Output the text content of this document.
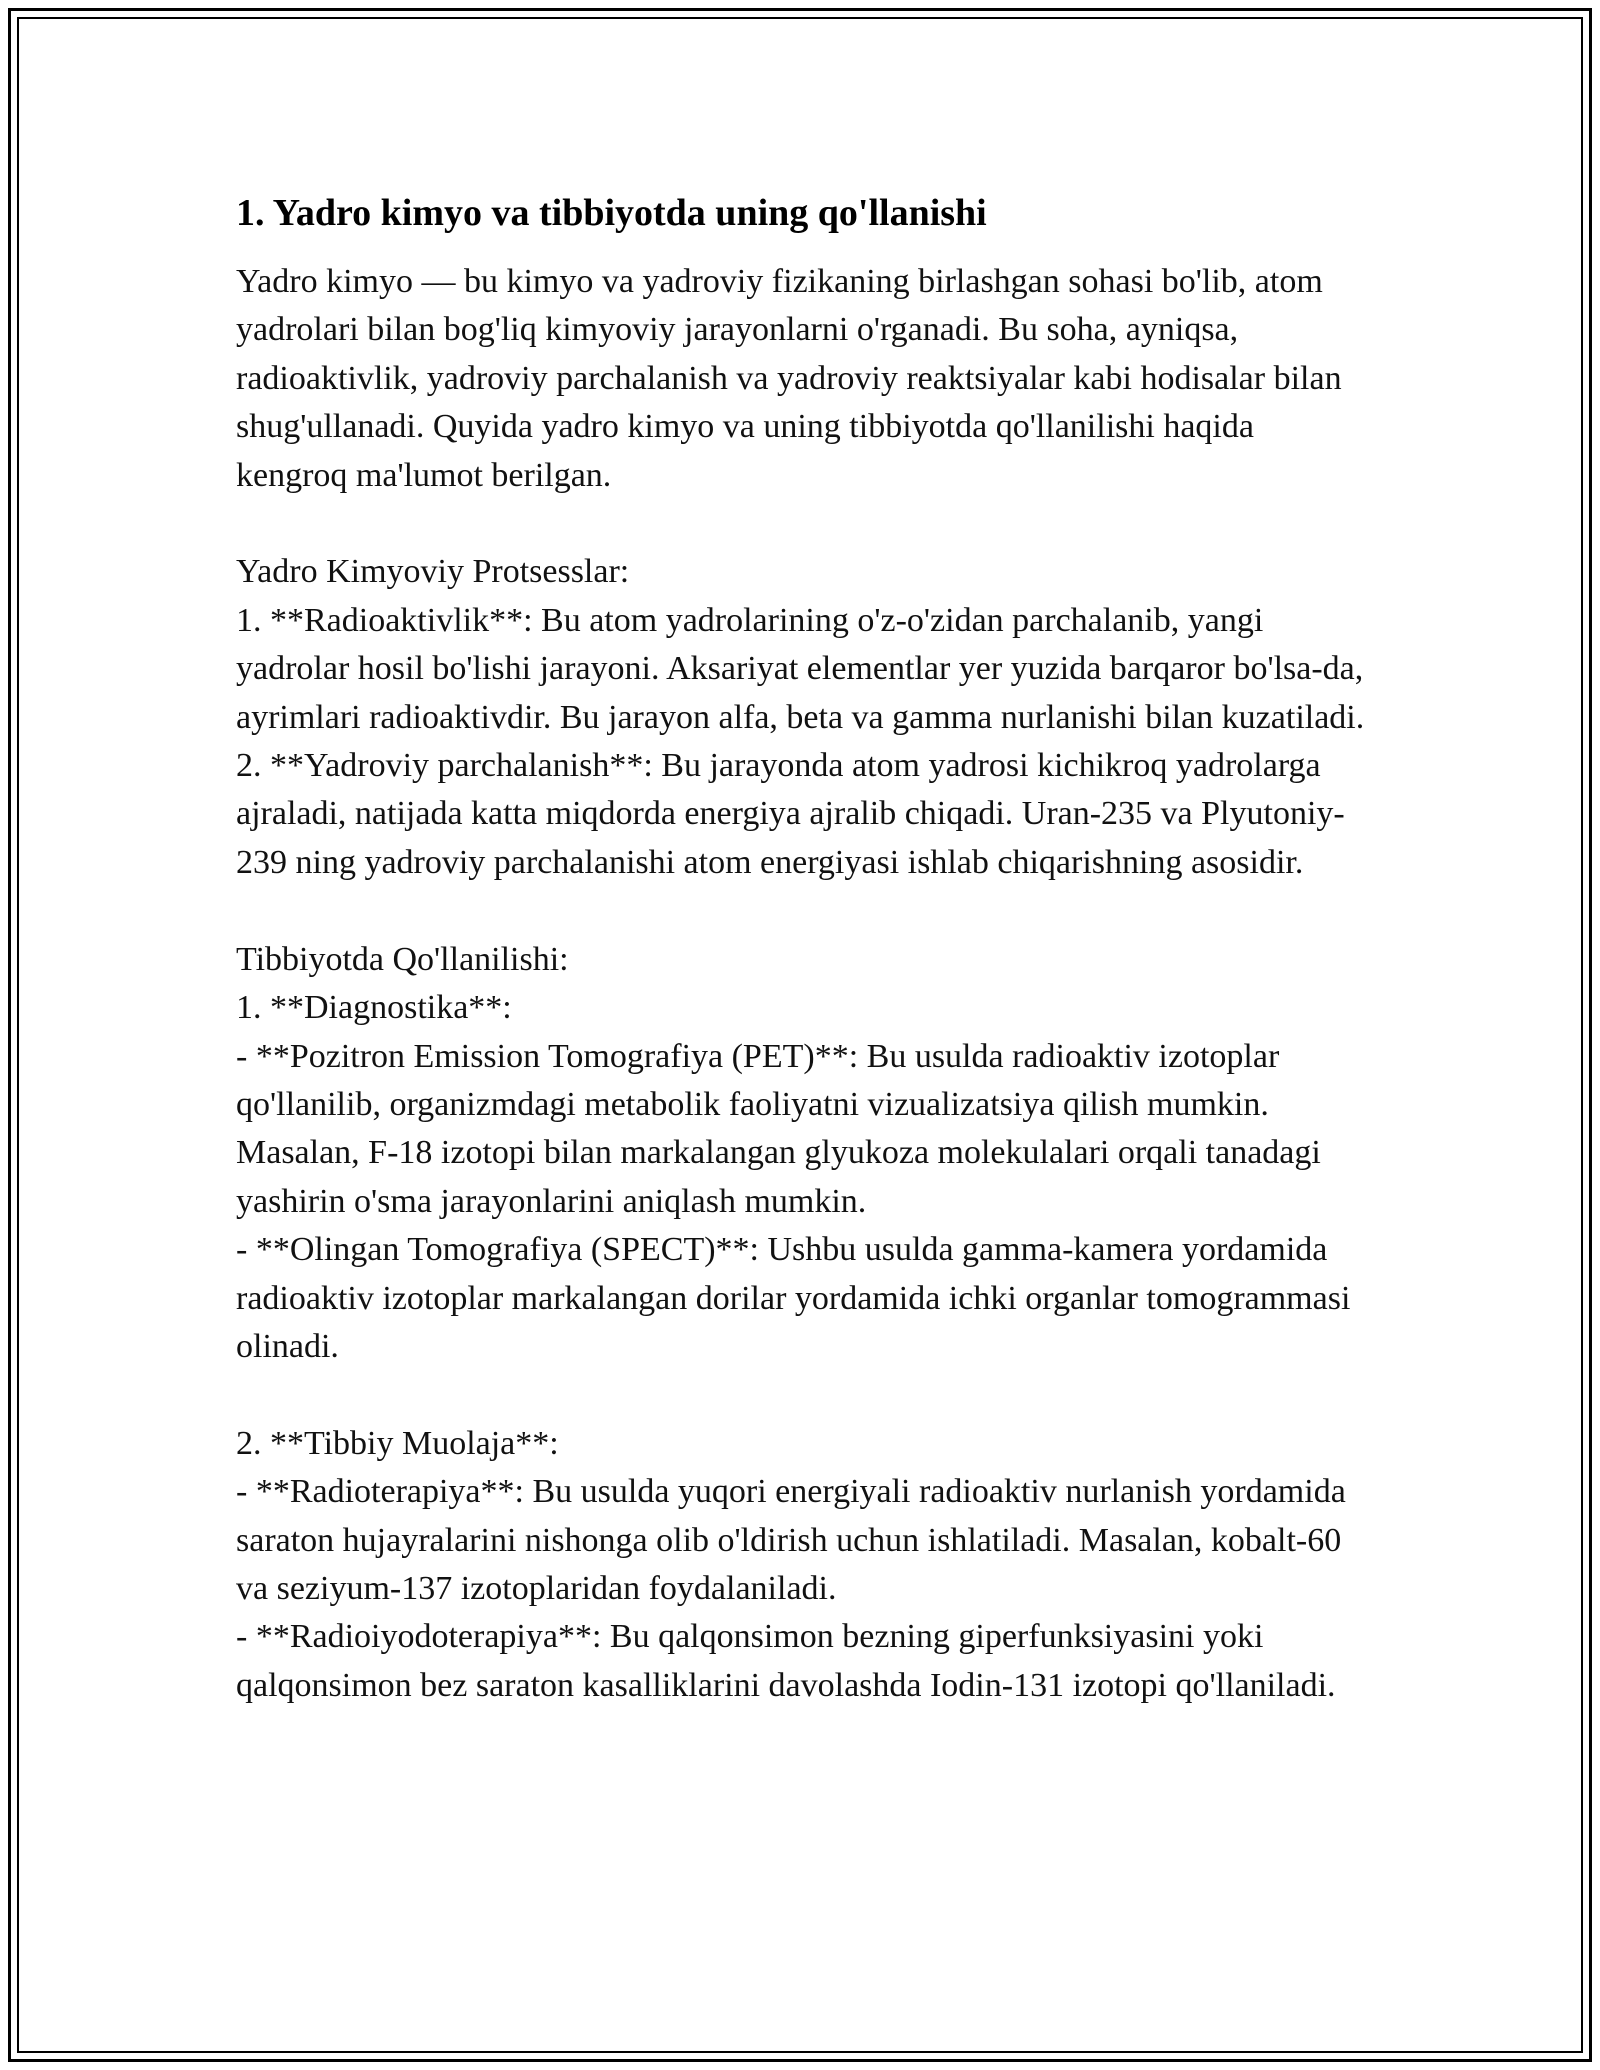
1. Yadro kimyo va tibbiyotda uning qo'llanishi
Yadro kimyo — bu kimyo va yadroviy fizikaning birlashgan sohasi bo'lib, atom yadrolari bilan bog'liq kimyoviy jarayonlarni o'rganadi. Bu soha, ayniqsa, radioaktivlik, yadroviy parchalanish va yadroviy reaktsiyalar kabi hodisalar bilan shug'ullanadi. Quyida yadro kimyo va uning tibbiyotda qo'llanilishi haqida kengroq ma'lumot berilgan.

Yadro Kimyoviy Protsesslar:
1. **Radioaktivlik**: Bu atom yadrolarining o'z-o'zidan parchalanib, yangi yadrolar hosil bo'lishi jarayoni. Aksariyat elementlar yer yuzida barqaror bo'lsa-da, ayrimlari radioaktivdir. Bu jarayon alfa, beta va gamma nurlanishi bilan kuzatiladi.
2. **Yadroviy parchalanish**: Bu jarayonda atom yadrosi kichikroq yadrolarga ajraladi, natijada katta miqdorda energiya ajralib chiqadi. Uran-235 va Plyutoniy-239 ning yadroviy parchalanishi atom energiyasi ishlab chiqarishning asosidir.

Tibbiyotda Qo'llanilishi:
1. **Diagnostika**:
- **Pozitron Emission Tomografiya (PET)**: Bu usulda radioaktiv izotoplar qo'llanilib, organizmdagi metabolik faoliyatni vizualizatsiya qilish mumkin. Masalan, F-18 izotopi bilan markalangan glyukoza molekulalari orqali tanadagi yashirin o'sma jarayonlarini aniqlash mumkin.
- **Olingan Tomografiya (SPECT)**: Ushbu usulda gamma-kamera yordamida radioaktiv izotoplar markalangan dorilar yordamida ichki organlar tomogrammasi olinadi.

2. **Tibbiy Muolaja**:
- **Radioterapiya**: Bu usulda yuqori energiyali radioaktiv nurlanish yordamida saraton hujayralarini nishonga olib o'ldirish uchun ishlatiladi. Masalan, kobalt-60 va seziyum-137 izotoplaridan foydalaniladi.
- **Radioiyodoterapiya**: Bu qalqonsimon bezning giperfunksiyasini yoki qalqonsimon bez saraton kasalliklarini davolashda Iodin-131 izotopi qo'llaniladi.
